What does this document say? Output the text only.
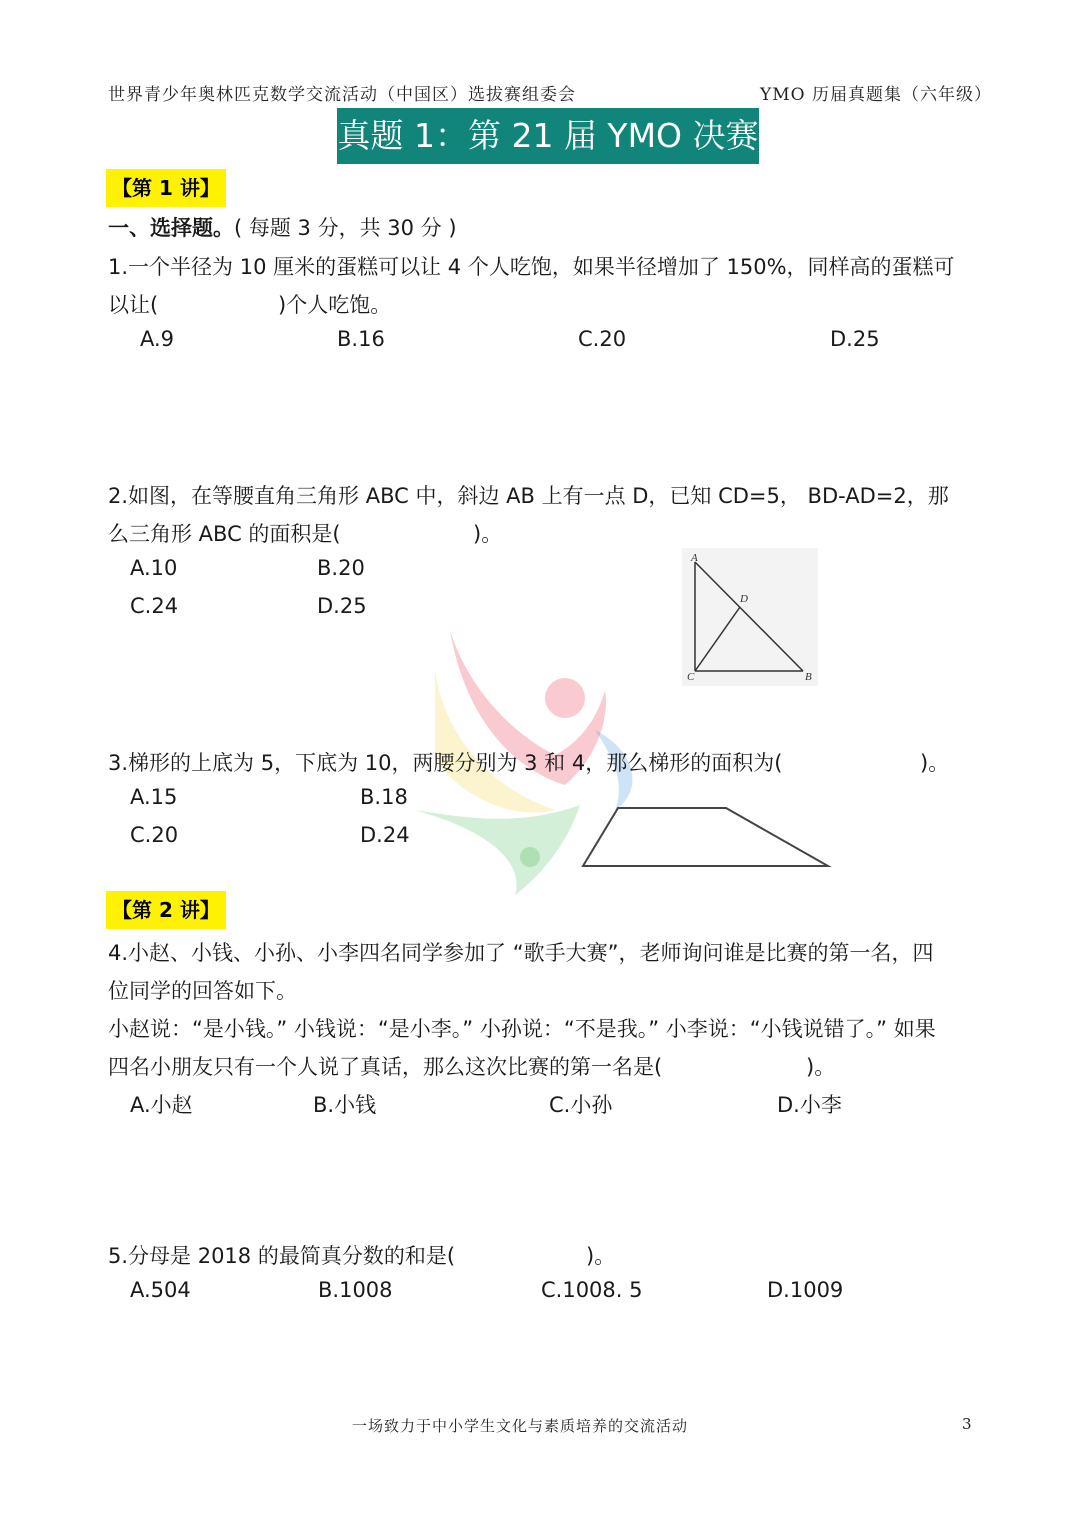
世界青少年奥林匹克数学交流活动（中国区）选拔赛组委会	YMO 历届真题集（六年级）
真题 1：第 21 届 YMO 决赛
【第 1 讲】
一、选择题。( 每题 3 分，共 30 分 )
1.一个半径为 10 厘米的蛋糕可以让 4 个人吃饱，如果半径增加了 150%，同样高的蛋糕可
以让(	)个人吃饱。
A.9	B.16	C.20	D.25
2.如图，在等腰直角三角形 ABC 中，斜边 AB 上有一点 D，已知 CD=5， BD-AD=2，那
么三角形 ABC 的面积是(	)。
A.10	B.20
C.24	D.25
A
D
C	B
3.梯形的上底为 5，下底为 10，两腰分别为 3 和 4，那么梯形的面积为(	)。
A.15	B.18
C.20	D.24
【第 2 讲】
4.小赵、小钱、小孙、小李四名同学参加了 “歌手大赛”，老师询问谁是比赛的第一名，四
位同学的回答如下。
小赵说：“是小钱。” 小钱说：“是小李。” 小孙说：“不是我。” 小李说：“小钱说错了。” 如果
四名小朋友只有一个人说了真话，那么这次比赛的第一名是(	)。
A.小赵	B.小钱	C.小孙	D.小李
5.分母是 2018 的最简真分数的和是(	)。
A.504	B.1008	C.1008. 5	D.1009
一场致力于中小学生文化与素质培养的交流活动	3
